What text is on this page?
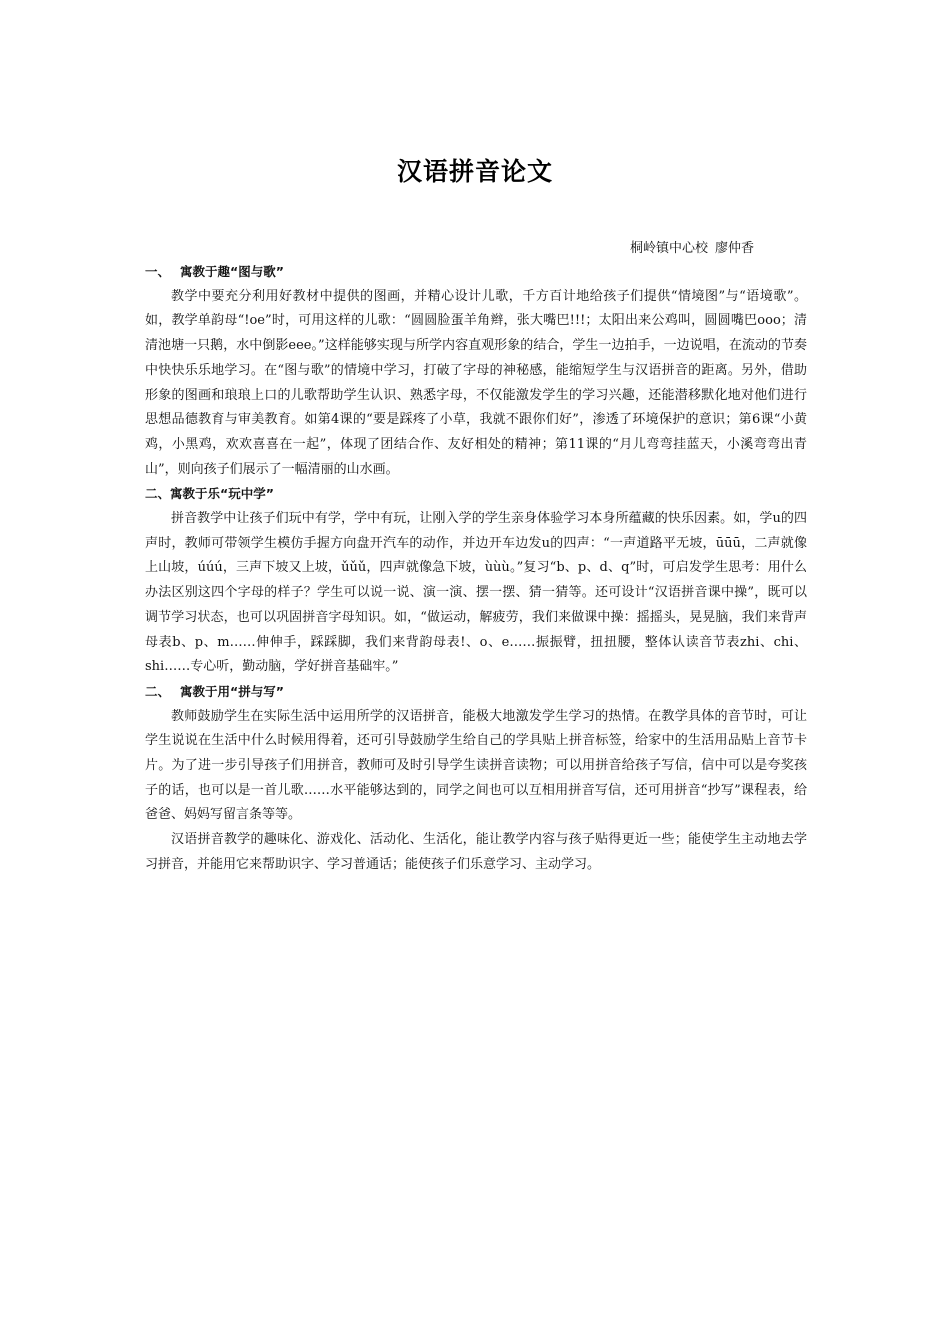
汉语拼音论文
桐岭镇中心校 廖仲香

一、 寓教于趣“图与歌”

教学中要充分利用好教材中提供的图画，并精心设计儿歌，千方百计地给孩子们提供“情境图”与“语境歌”。如，教学单韵母“!oe”时，可用这样的儿歌：“圆圆脸蛋羊角辫，张大嘴巴!!!；太阳出来公鸡叫，圆圆嘴巴ooo；清清池塘一只鹅，水中倒影eee。”这样能够实现与所学内容直观形象的结合，学生一边拍手，一边说唱，在流动的节奏中快快乐乐地学习。在“图与歌”的情境中学习，打破了字母的神秘感，能缩短学生与汉语拼音的距离。另外，借助形象的图画和琅琅上口的儿歌帮助学生认识、熟悉字母，不仅能激发学生的学习兴趣，还能潜移默化地对他们进行思想品德教育与审美教育。如第4课的“要是踩疼了小草，我就不跟你们好”，渗透了环境保护的意识；第6课“小黄鸡，小黑鸡，欢欢喜喜在一起”，体现了团结合作、友好相处的精神；第11课的“月儿弯弯挂蓝天，小溪弯弯出青山”，则向孩子们展示了一幅清丽的山水画。

二、寓教于乐“玩中学”

拼音教学中让孩子们玩中有学，学中有玩，让刚入学的学生亲身体验学习本身所蕴藏的快乐因素。如，学u的四声时，教师可带领学生模仿手握方向盘开汽车的动作，并边开车边发u的四声：“一声道路平无坡，ūūū，二声就像上山坡，úúú，三声下坡又上坡，ǔǔǔ，四声就像急下坡，ùùù。”复习“b、p、d、q”时，可启发学生思考：用什么办法区别这四个字母的样子？学生可以说一说、演一演、摆一摆、猜一猜等。还可设计“汉语拼音课中操”，既可以调节学习状态，也可以巩固拼音字母知识。如，“做运动，解疲劳，我们来做课中操：摇摇头，晃晃脑，我们来背声母表b、p、m……伸伸手，踩踩脚，我们来背韵母表!、o、e……振振臂，扭扭腰，整体认读音节表zhi、chi、shi……专心听，勤动脑，学好拼音基础牢。”

二、 寓教于用“拼与写”

教师鼓励学生在实际生活中运用所学的汉语拼音，能极大地激发学生学习的热情。在教学具体的音节时，可让学生说说在生活中什么时候用得着，还可引导鼓励学生给自己的学具贴上拼音标签，给家中的生活用品贴上音节卡片。为了进一步引导孩子们用拼音，教师可及时引导学生读拼音读物；可以用拼音给孩子写信，信中可以是夸奖孩子的话，也可以是一首儿歌……水平能够达到的，同学之间也可以互相用拼音写信，还可用拼音“抄写”课程表，给爸爸、妈妈写留言条等等。

汉语拼音教学的趣味化、游戏化、活动化、生活化，能让教学内容与孩子贴得更近一些；能使学生主动地去学习拼音，并能用它来帮助识字、学习普通话；能使孩子们乐意学习、主动学习。
